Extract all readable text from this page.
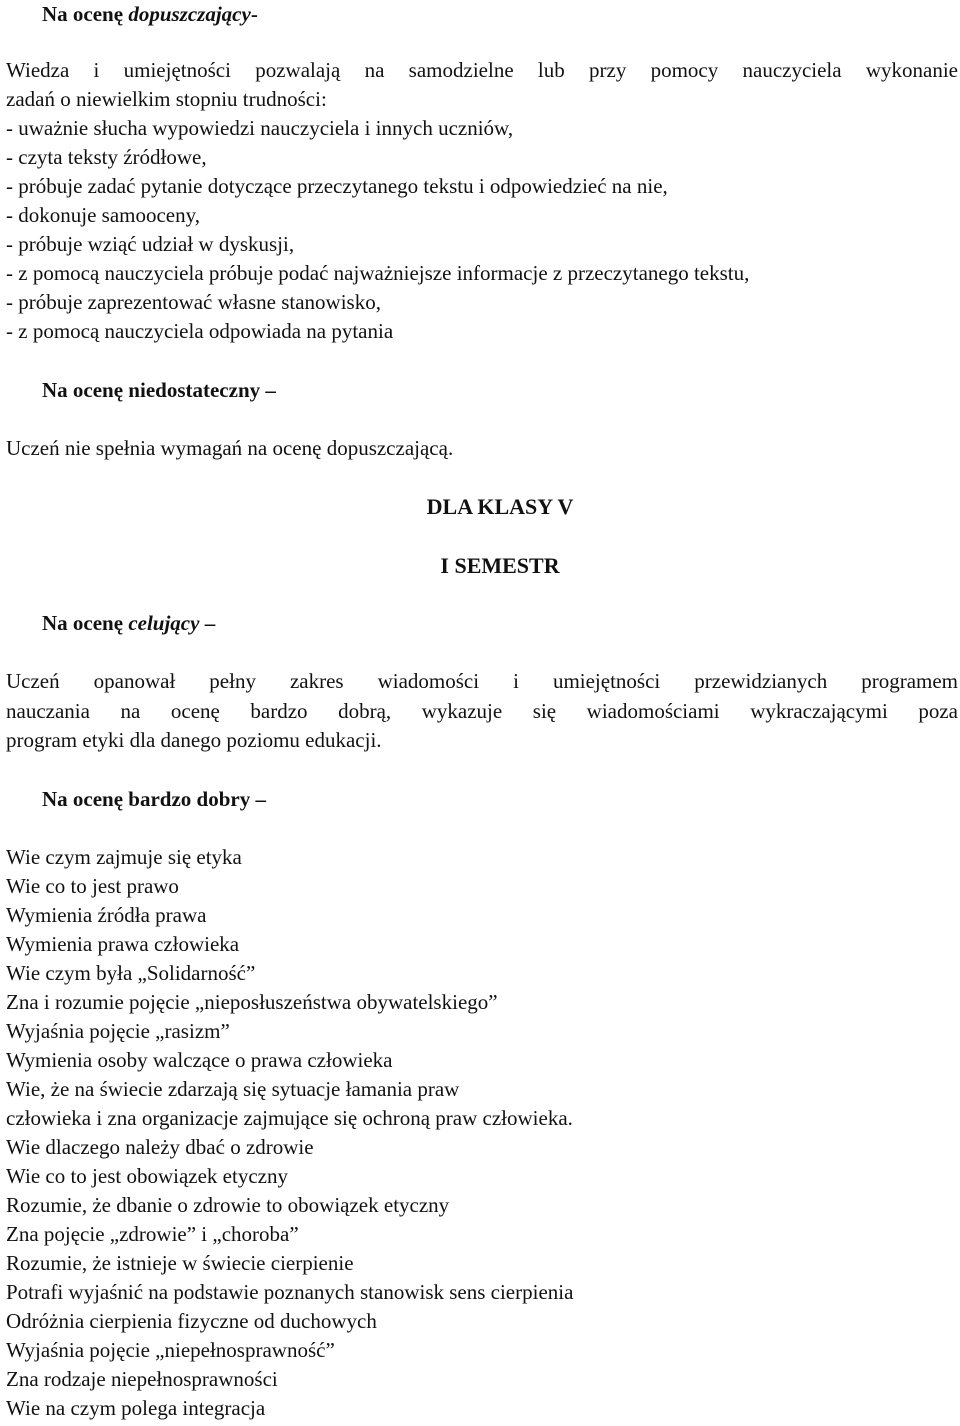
Na ocenę dopuszczający-
Wiedza i umiejętności pozwalają na samodzielne lub przy pomocy nauczyciela wykonanie
zadań o niewielkim stopniu trudności:
- uważnie słucha wypowiedzi nauczyciela i innych uczniów,
- czyta teksty źródłowe,
- próbuje zadać pytanie dotyczące przeczytanego tekstu i odpowiedzieć na nie,
- dokonuje samooceny,
- próbuje wziąć udział w dyskusji,
- z pomocą nauczyciela próbuje podać najważniejsze informacje z przeczytanego tekstu,
- próbuje zaprezentować własne stanowisko,
- z pomocą nauczyciela odpowiada na pytania
Na ocenę niedostateczny –
Uczeń nie spełnia wymagań na ocenę dopuszczającą.
DLA KLASY V
I SEMESTR
Na ocenę celujący –
Uczeń opanował pełny zakres wiadomości i umiejętności przewidzianych programem
nauczania na ocenę bardzo dobrą, wykazuje się wiadomościami wykraczającymi poza
program etyki dla danego poziomu edukacji.
Na ocenę bardzo dobry –
Wie czym zajmuje się etyka
Wie co to jest prawo
Wymienia źródła prawa
Wymienia prawa człowieka
Wie czym była „Solidarność”
Zna i rozumie pojęcie „nieposłuszeństwa obywatelskiego”
Wyjaśnia pojęcie „rasizm”
Wymienia osoby walczące o prawa człowieka
Wie, że na świecie zdarzają się sytuacje łamania praw
człowieka i zna organizacje zajmujące się ochroną praw człowieka.
Wie dlaczego należy dbać o zdrowie
Wie co to jest obowiązek etyczny
Rozumie, że dbanie o zdrowie to obowiązek etyczny
Zna pojęcie „zdrowie” i „choroba”
Rozumie, że istnieje w świecie cierpienie
Potrafi wyjaśnić na podstawie poznanych stanowisk sens cierpienia
Odróżnia cierpienia fizyczne od duchowych
Wyjaśnia pojęcie „niepełnosprawność”
Zna rodzaje niepełnosprawności
Wie na czym polega integracja
